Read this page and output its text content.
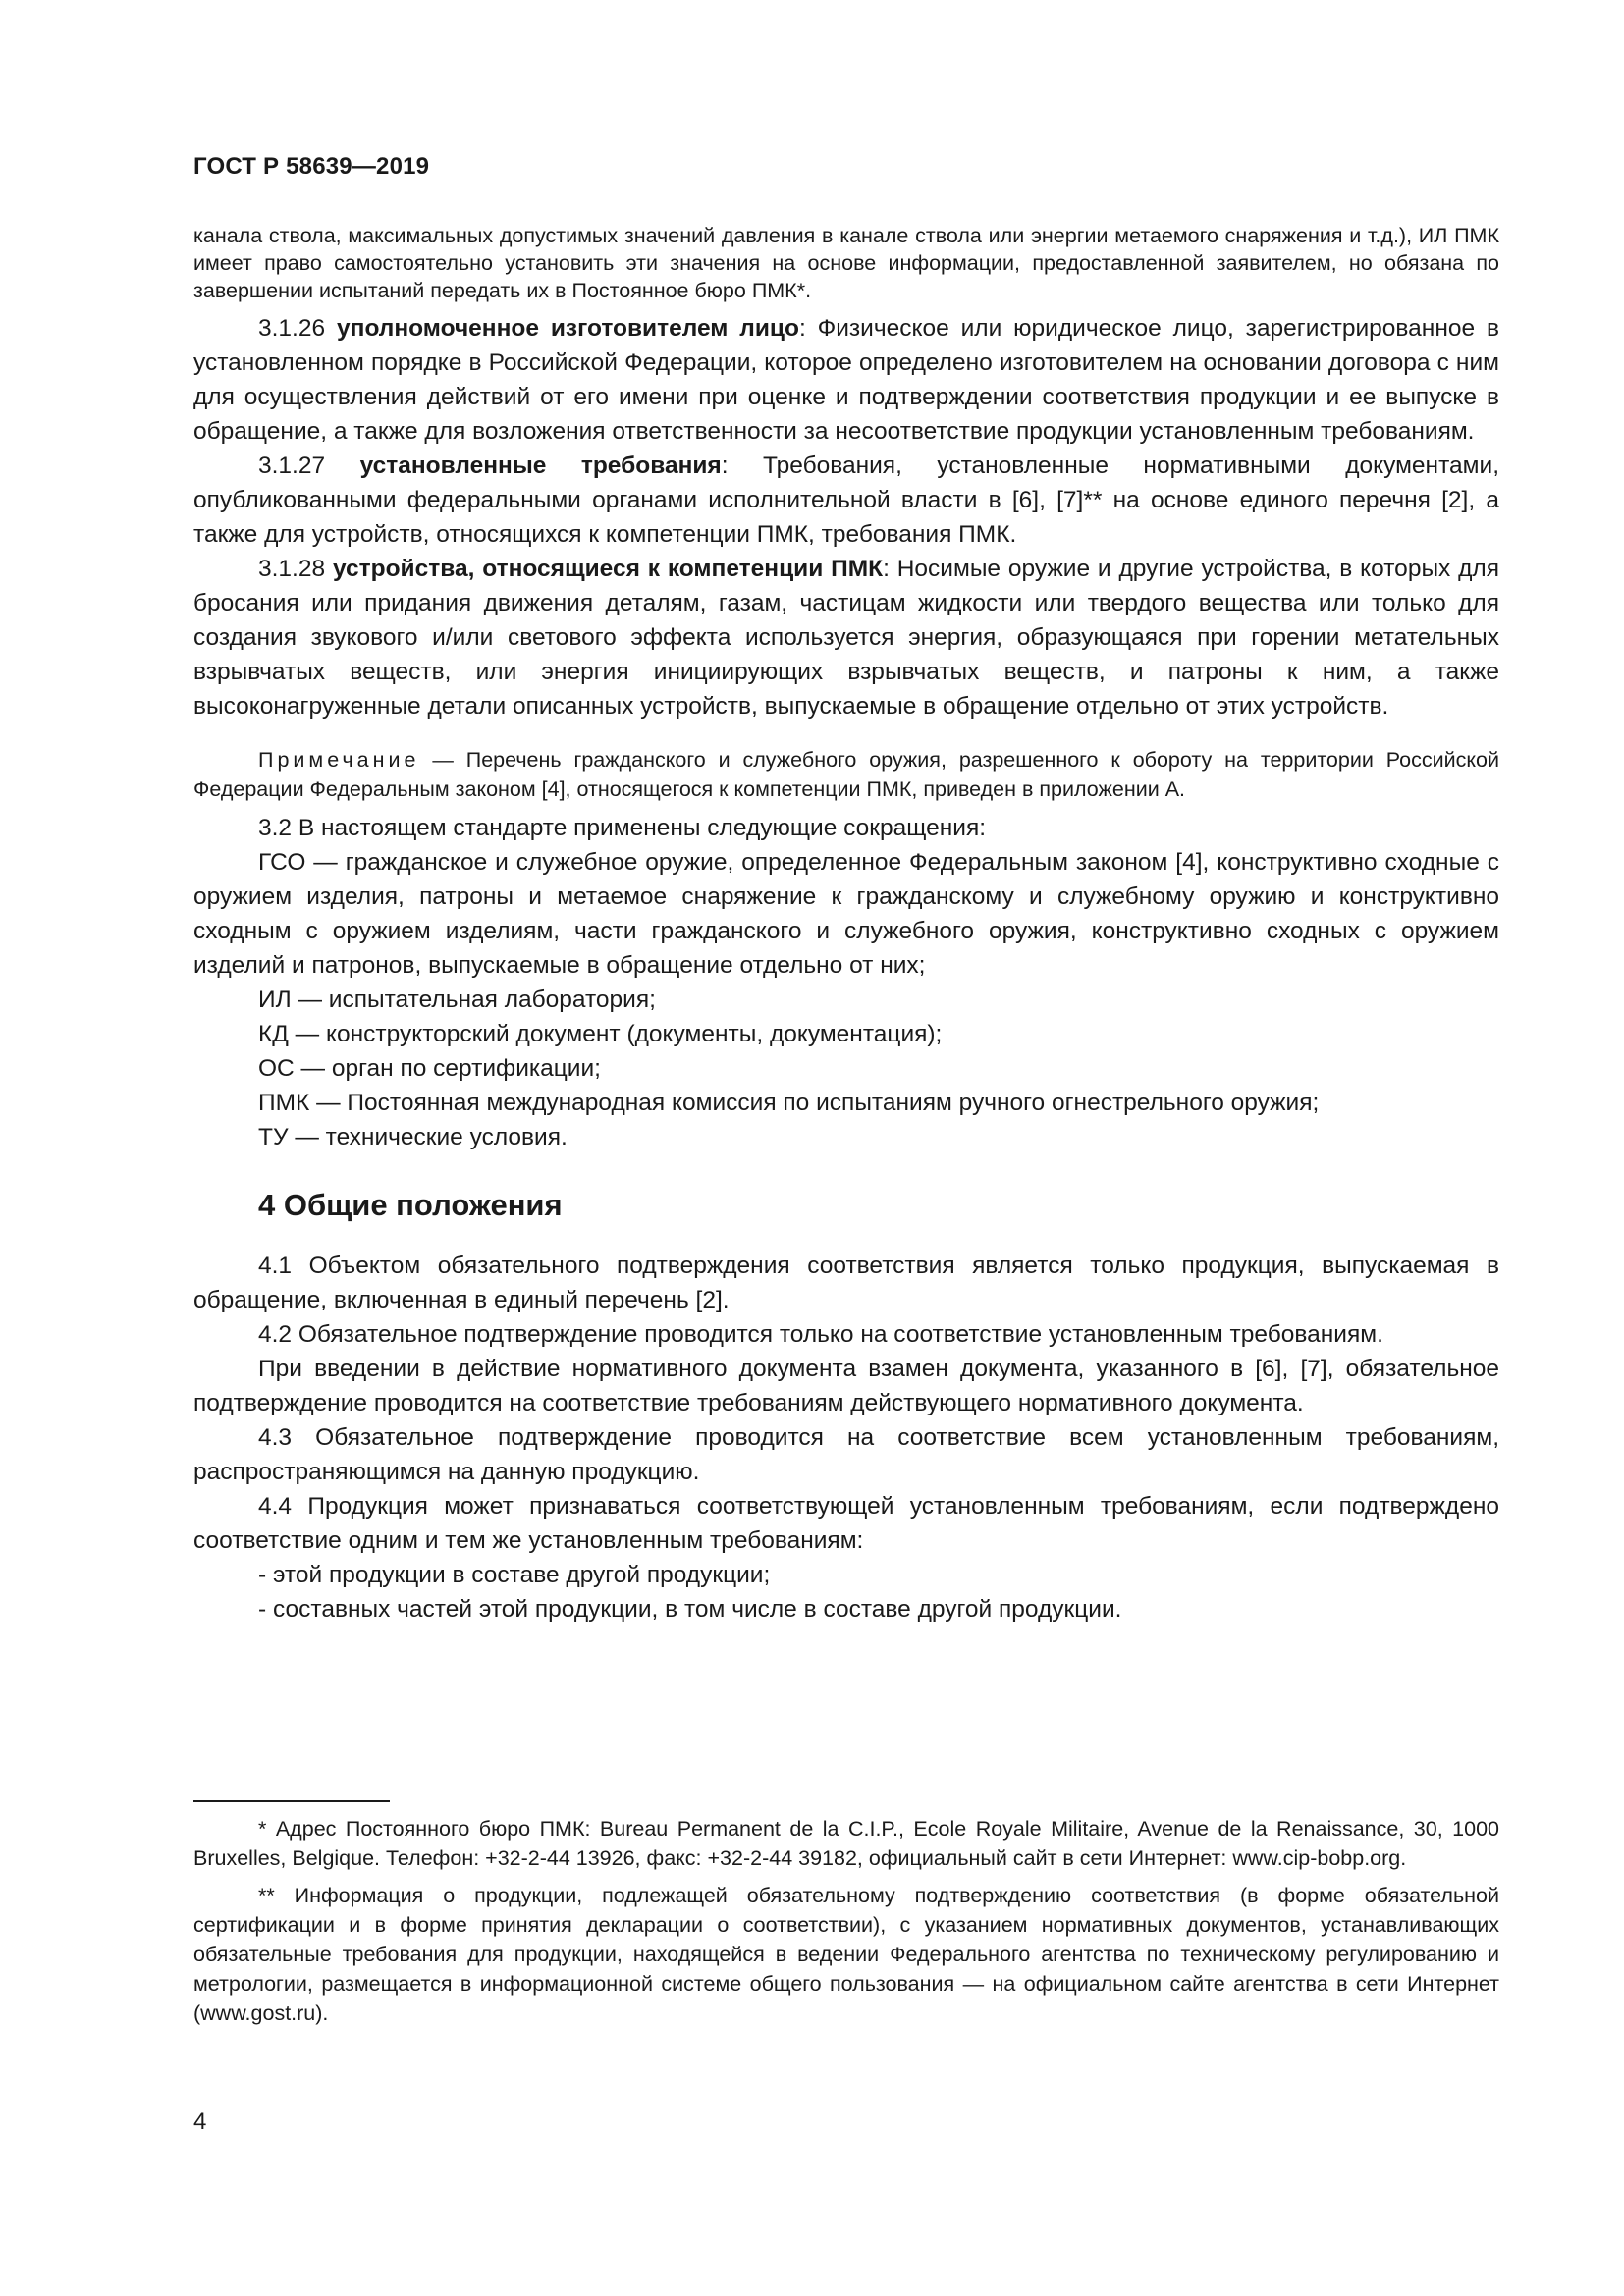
ГОСТ Р 58639—2019

канала ствола, максимальных допустимых значений давления в канале ствола или энергии метаемого снаряжения и т.д.), ИЛ ПМК имеет право самостоятельно установить эти значения на основе информации, предоставленной заявителем, но обязана по завершении испытаний передать их в Постоянное бюро ПМК*.

3.1.26 уполномоченное изготовителем лицо: Физическое или юридическое лицо, зарегистрированное в установленном порядке в Российской Федерации, которое определено изготовителем на основании договора с ним для осуществления действий от его имени при оценке и подтверждении соответствия продукции и ее выпуске в обращение, а также для возложения ответственности за несоответствие продукции установленным требованиям.

3.1.27 установленные требования: Требования, установленные нормативными документами, опубликованными федеральными органами исполнительной власти в [6], [7]** на основе единого перечня [2], а также для устройств, относящихся к компетенции ПМК, требования ПМК.

3.1.28 устройства, относящиеся к компетенции ПМК: Носимые оружие и другие устройства, в которых для бросания или придания движения деталям, газам, частицам жидкости или твердого вещества или только для создания звукового и/или светового эффекта используется энергия, образующаяся при горении метательных взрывчатых веществ, или энергия инициирующих взрывчатых веществ, и патроны к ним, а также высоконагруженные детали описанных устройств, выпускаемые в обращение отдельно от этих устройств.

Примечание — Перечень гражданского и служебного оружия, разрешенного к обороту на территории Российской Федерации Федеральным законом [4], относящегося к компетенции ПМК, приведен в приложении А.

3.2 В настоящем стандарте применены следующие сокращения:

ГСО — гражданское и служебное оружие, определенное Федеральным законом [4], конструктивно сходные с оружием изделия, патроны и метаемое снаряжение к гражданскому и служебному оружию и конструктивно сходным с оружием изделиям, части гражданского и служебного оружия, конструктивно сходных с оружием изделий и патронов, выпускаемые в обращение отдельно от них;

ИЛ — испытательная лаборатория;

КД — конструкторский документ (документы, документация);

ОС — орган по сертификации;

ПМК — Постоянная международная комиссия по испытаниям ручного огнестрельного оружия;

ТУ — технические условия.

4 Общие положения

4.1 Объектом обязательного подтверждения соответствия является только продукция, выпускаемая в обращение, включенная в единый перечень [2].

4.2 Обязательное подтверждение проводится только на соответствие установленным требованиям.

При введении в действие нормативного документа взамен документа, указанного в [6], [7], обязательное подтверждение проводится на соответствие требованиям действующего нормативного документа.

4.3 Обязательное подтверждение проводится на соответствие всем установленным требованиям, распространяющимся на данную продукцию.

4.4 Продукция может признаваться соответствующей установленным требованиям, если подтверждено соответствие одним и тем же установленным требованиям:

- этой продукции в составе другой продукции;

- составных частей этой продукции, в том числе в составе другой продукции.

* Адрес Постоянного бюро ПМК: Bureau Permanent de la C.I.P., Ecole Royale Militaire, Avenue de la Renaissance, 30, 1000 Bruxelles, Belgique. Телефон: +32-2-44 13926, факс: +32-2-44 39182, официальный сайт в сети Интернет: www.cip-bobp.org.

** Информация о продукции, подлежащей обязательному подтверждению соответствия (в форме обязательной сертификации и в форме принятия декларации о соответствии), с указанием нормативных документов, устанавливающих обязательные требования для продукции, находящейся в ведении Федерального агентства по техническому регулированию и метрологии, размещается в информационной системе общего пользования — на официальном сайте агентства в сети Интернет (www.gost.ru).

4
